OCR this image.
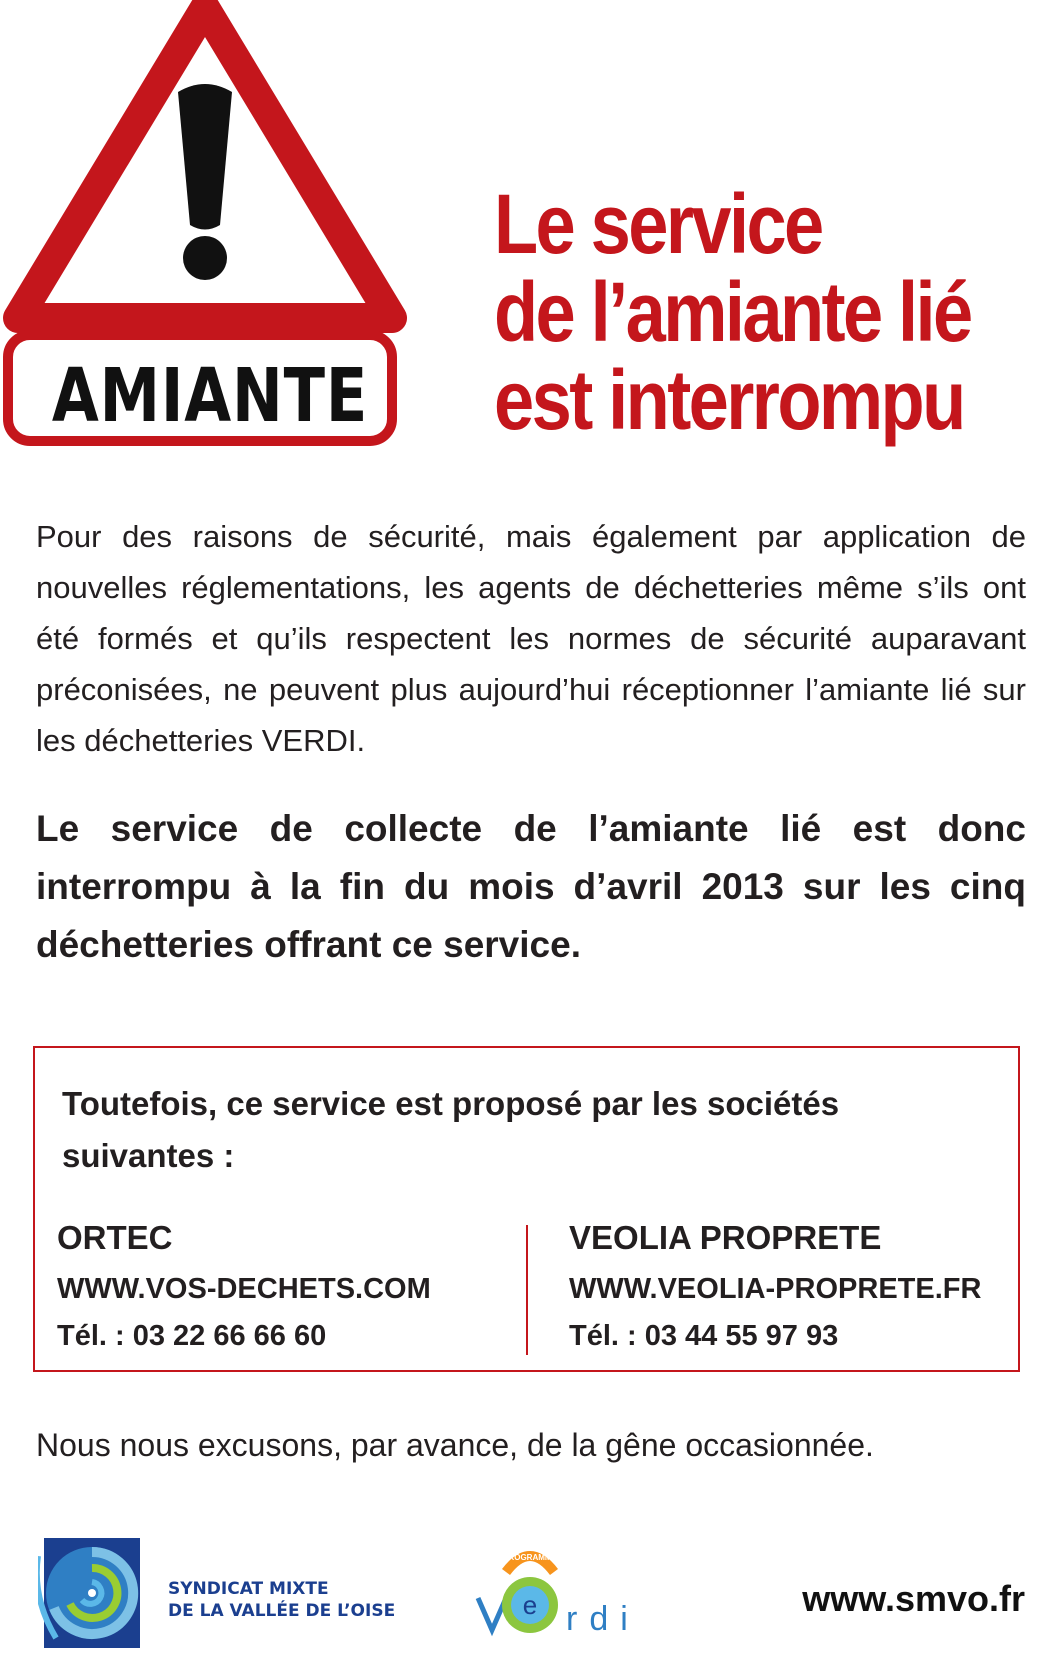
AMIANTE
Le service
de l’amiante lié
est interrompu
Pour des raisons de sécurité, mais également par application de nouvelles réglementations, les agents de déchetteries même s’ils ont été formés et qu’ils respectent les normes de sécurité auparavant préconisées, ne peuvent plus aujourd’hui réceptionner l’amiante lié sur les déchetteries VERDI.
Le service de collecte de l’amiante lié est donc interrompu à la fin du mois d’avril 2013 sur les cinq déchetteries offrant ce service.
Toutefois, ce service est proposé par les sociétés suivantes :
ORTEC
WWW.VOS-DECHETS.COM
Tél. : 03 22 66 66 60
VEOLIA PROPRETE
WWW.VEOLIA-PROPRETE.FR
Tél. : 03 44 55 97 93
Nous nous excusons, par avance, de la gêne occasionnée.
SYNDICAT MIXTE
DE LA VALLÉE DE L’OISE	e
PROGRAMME
rdi	www.smvo.fr
